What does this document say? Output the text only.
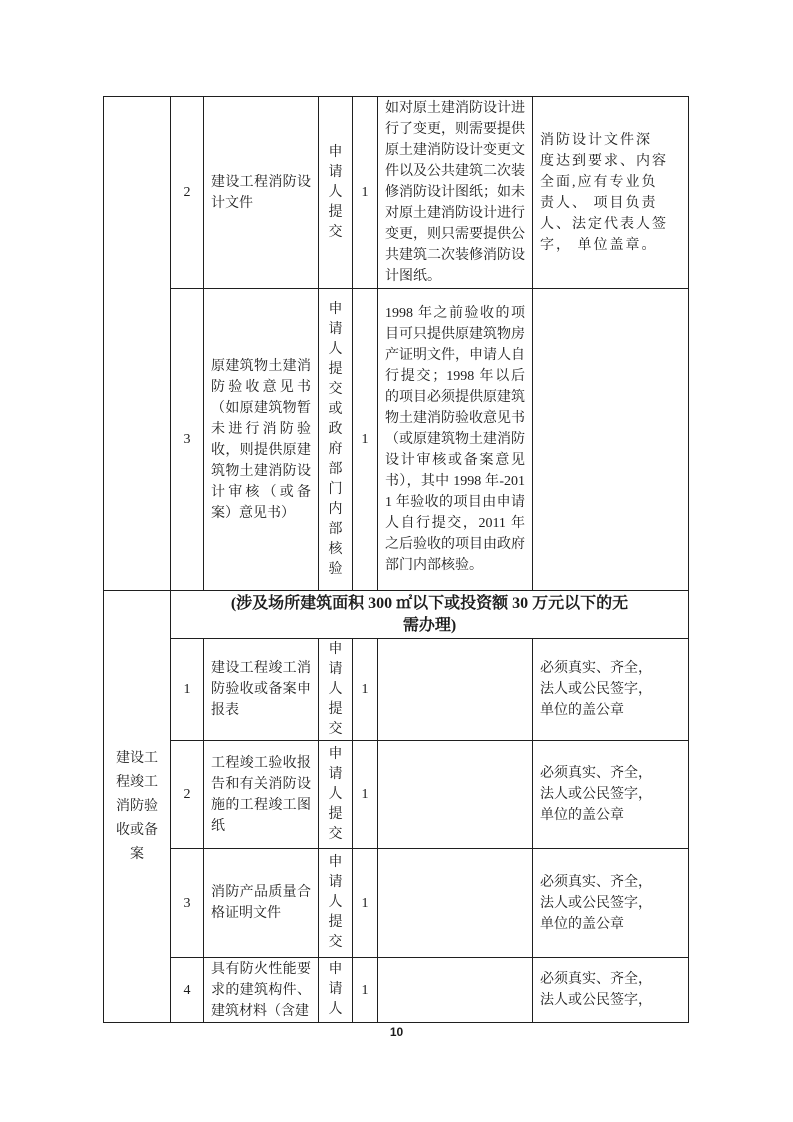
	2	建设工程消防设计文件	申请人提交	1	如对原土建消防设计进行了变更，则需要提供原土建消防设计变更文件以及公共建筑二次装修消防设计图纸；如未对原土建消防设计进行变更，则只需要提供公共建筑二次装修消防设计图纸。	消防设计文件深
度达到要求、内容
全面,应有专业负
责人、 项目负责
人、法定代表人签
字， 单位盖章。
	3	原建筑物土建消防验收意见书（如原建筑物暂未进行消防验收，则提供原建筑物土建消防设计审核（或备案）意见书）	申请人提交或政府部门内部核验	1	1998 年之前验收的项目可只提供原建筑物房产证明文件，申请人自行提交；1998 年以后的项目必须提供原建筑物土建消防验收意见书（或原建筑物土建消防设计审核或备案意见书），其中 1998 年-2011 年验收的项目由申请人自行提交，2011 年之后验收的项目由政府部门内部核验。	
建设工程竣工消防验收或备案	(涉及场所建筑面积 300 ㎡以下或投资额 30 万元以下的无
需办理)					
	1	建设工程竣工消防验收或备案申报表	申请人提交	1		必须真实、齐全，
法人或公民签字，
单位的盖公章
	2	工程竣工验收报告和有关消防设施的工程竣工图纸	申请人提交	1		必须真实、齐全，
法人或公民签字，
单位的盖公章
	3	消防产品质量合格证明文件	申请人提交	1		必须真实、齐全，
法人或公民签字，
单位的盖公章
	4	具有防火性能要求的建筑构件、建筑材料（含建	申请人	1		必须真实、齐全，
法人或公民签字，
10
